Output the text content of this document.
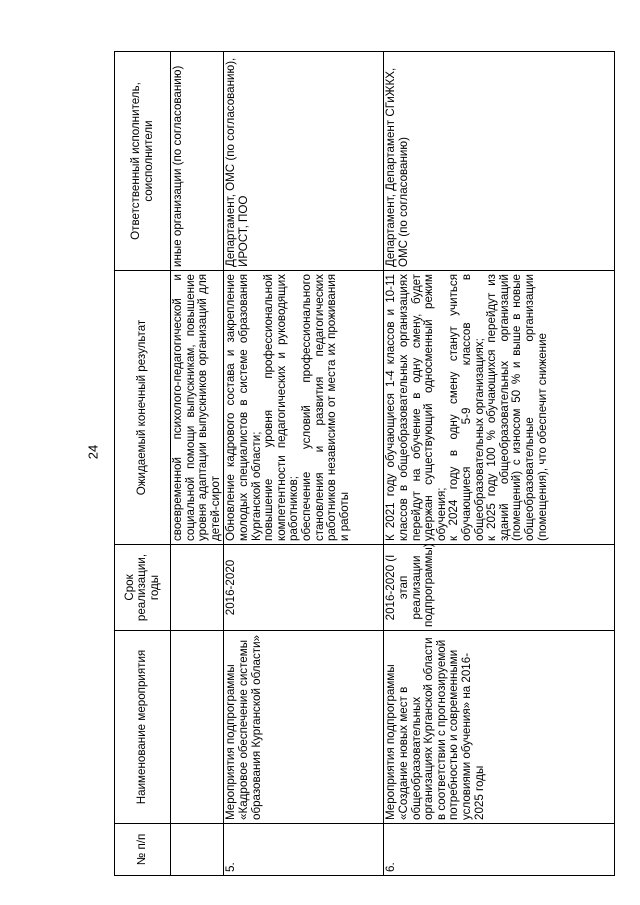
24
№ п/п	Наименование мероприятия	Срок реализации, годы	Ожидаемый конечный результат	Ответственный исполнитель, соисполнители

			своевременной психолого-педагогической и социальной помощи выпускникам, повышение уровня адаптации выпускников организаций для детей-сирот	иные организации (по согласованию)
5.	Мероприятия подпрограммы «Кадровое обеспечение системы образования Курганской области»	2016-2020	Обновление кадрового состава и закрепление молодых специалистов в системе образования Курганской области; повышение уровня профессиональной компетентности педагогических и руководящих работников; обеспечение условий профессионального становления и развития педагогических работников независимо от места их проживания и работы	Департамент, ОМС (по согласованию), ИРОСТ, ПОО
6.	Мероприятия подпрограммы «Создание новых мест в общеобразовательных организациях Курганской области в соответствии с прогнозируемой потребностью и современными условиями обучения» на 2016-2025 годы	2016-2020 (I этап реализации подпрограммы)	К 2021 году обучающиеся 1-4 классов и 10-11 классов в общеобразовательных организациях перейдут на обучение в одну смену, будет удержан существующий односменный режим обучения; к 2024 году в одну смену станут учиться обучающиеся 5-9 классов в общеобразовательных организациях; к 2025 году 100 % обучающихся перейдут из зданий общеобразовательных организаций (помещений) с износом 50 % и выше в новые общеобразовательные организации (помещения), что обеспечит снижение	Департамент, Департамент СГиЖКХ, ОМС (по согласованию)
